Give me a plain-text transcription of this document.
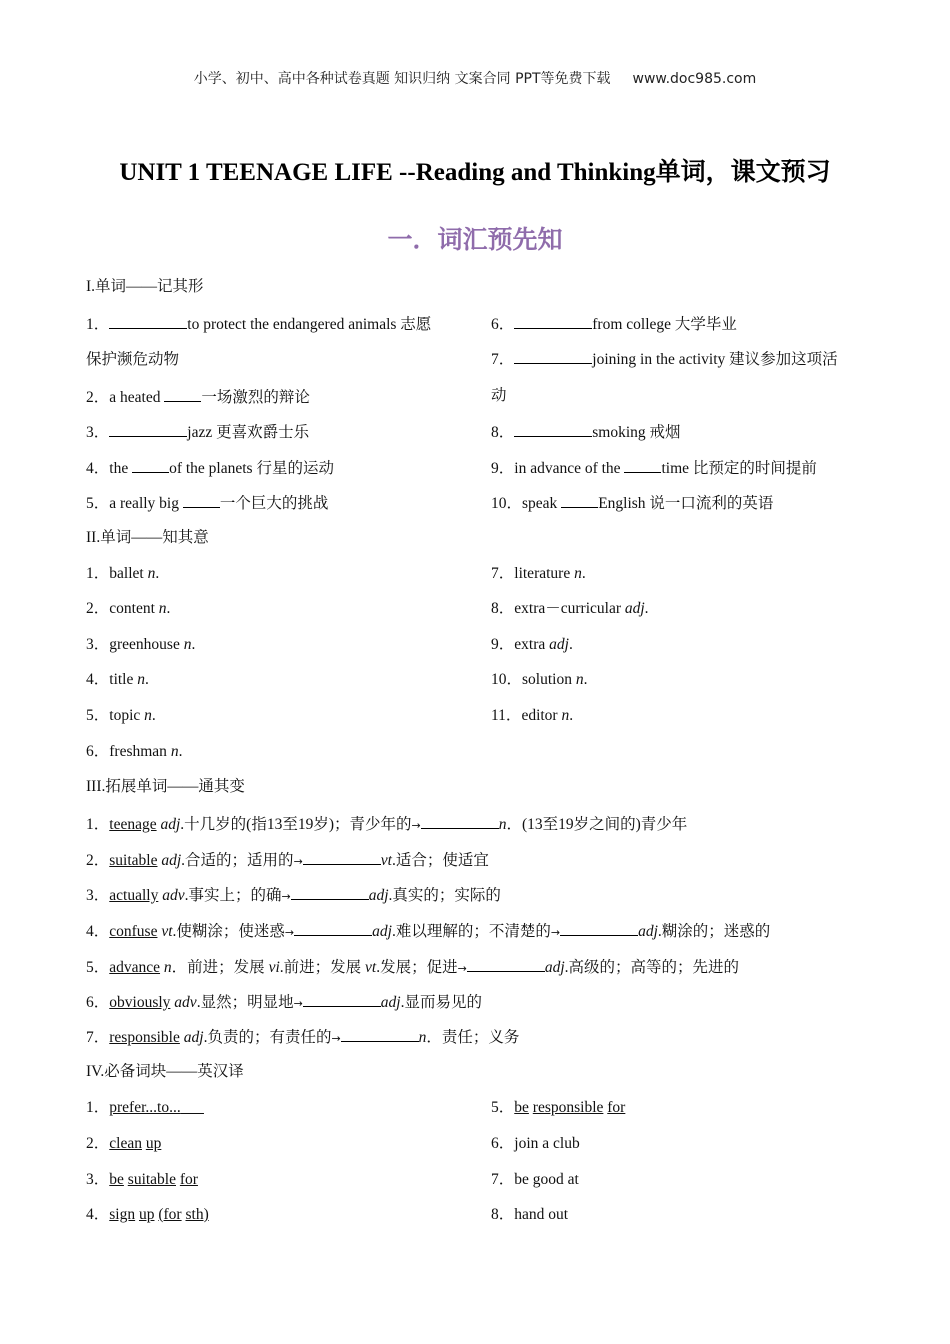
小学、初中、高中各种试卷真题 知识归纳 文案合同 PPT等免费下载 www.doc985.com
UNIT 1 TEENAGE LIFE --Reading and Thinking单词，课文预习
一．词汇预先知
I.单词——记其形
1．	to protect the endangered animals 志愿
保护濒危动物
2．a heated 一场激烈的辩论
3．	jazz 更喜欢爵士乐
4．the of the planets 行星的运动
5．a really big 一个巨大的挑战
6．	from college 大学毕业
7．	joining in the activity 建议参加这项活
动
8．	smoking 戒烟
9．in advance of the time 比预定的时间提前
10．speak English 说一口流利的英语
II.单词——知其意
1．ballet n.
2．content n.
3．greenhouse n.
4．title n.
5．topic n.
6．freshman n.
7．literature n.
8．extra－curricular adj.
9．extra adj.
10．solution n.
11．editor n.
III.拓展单词——通其变
1．teenage adj.十几岁的(指13至19岁)；青少年的→	n．(13至19岁之间的)青少年
2．suitable adj.合适的；适用的→	vt.适合；使适宜
3．actually adv.事实上；的确→	adj.真实的；实际的
4．confuse vt.使糊涂；使迷惑→	adj.难以理解的；不清楚的→	adj.糊涂的；迷惑的
5．advance n．前进；发展 vi.前进；发展 vt.发展；促进→	adj.高级的；高等的；先进的
6．obviously adv.显然；明显地→	adj.显而易见的
7．responsible adj.负责的；有责任的→	n．责任；义务
IV.必备词块——英汉译
1．prefer...to...
2．clean up
3．be suitable for
4．sign up (for sth)
5．be responsible for
6．join a club
7．be good at
8．hand out
